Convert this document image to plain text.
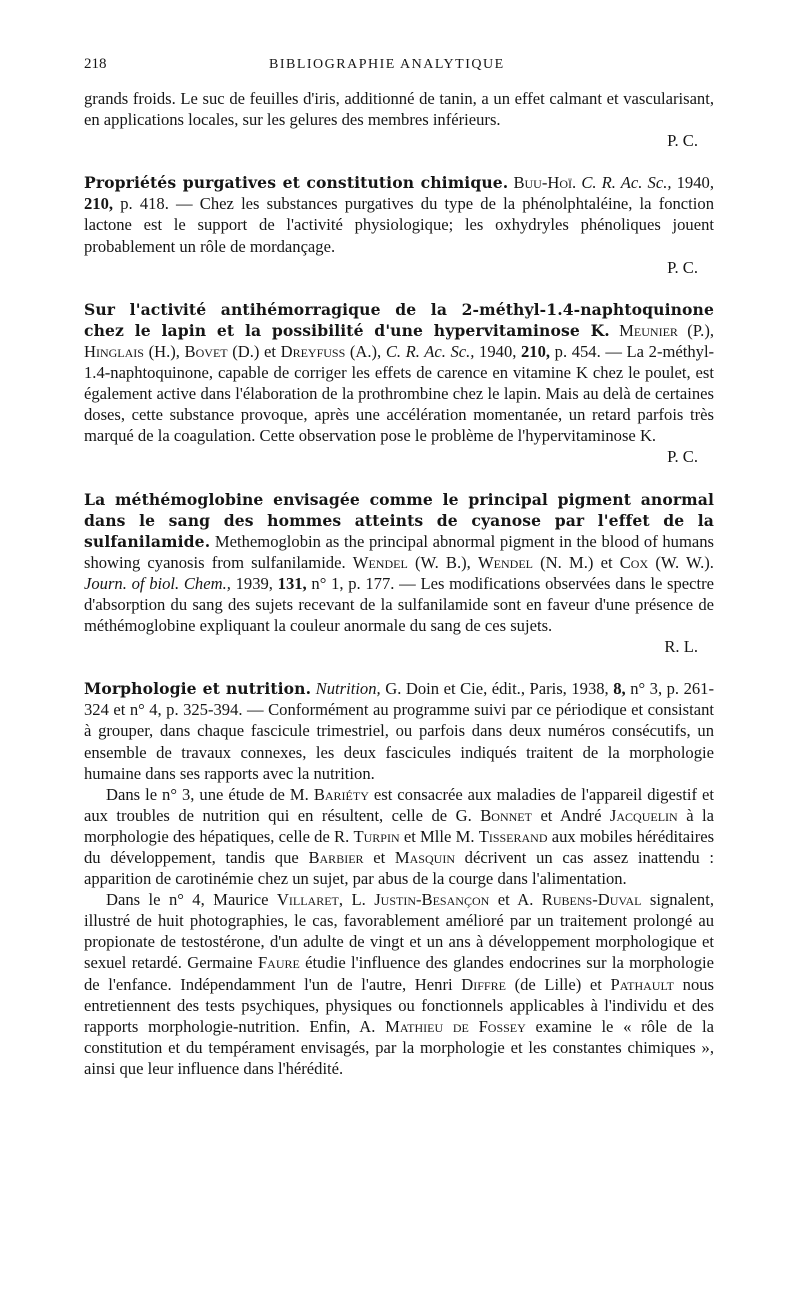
218	BIBLIOGRAPHIE ANALYTIQUE

grands froids. Le suc de feuilles d'iris, additionné de tanin, a un effet calmant et vascularisant, en applications locales, sur les gelures des membres inférieurs.
P. C.

Propriétés purgatives et constitution chimique. Buu-Hoï. C. R. Ac. Sc., 1940, 210, p. 418. — Chez les substances purgatives du type de la phénolphtaléine, la fonction lactone est le support de l'activité physiologique; les oxhydryles phénoliques jouent probablement un rôle de mordançage.
P. C.

Sur l'activité antihémorragique de la 2-méthyl-1.4-naphtoquinone chez le lapin et la possibilité d'une hypervitaminose K. Meunier (P.), Hinglais (H.), Bovet (D.) et Dreyfuss (A.), C. R. Ac. Sc., 1940, 210, p. 454. — La 2-méthyl-1.4-naphtoquinone, capable de corriger les effets de carence en vitamine K chez le poulet, est également active dans l'élaboration de la prothrombine chez le lapin. Mais au delà de certaines doses, cette substance provoque, après une accélération momentanée, un retard parfois très marqué de la coagulation. Cette observation pose le problème de l'hypervitaminose K.
P. C.

La méthémoglobine envisagée comme le principal pigment anormal dans le sang des hommes atteints de cyanose par l'effet de la sulfanilamide. Methemoglobin as the principal abnormal pigment in the blood of humans showing cyanosis from sulfanilamide. Wendel (W. B.), Wendel (N. M.) et Cox (W. W.). Journ. of biol. Chem., 1939, 131, n° 1, p. 177. — Les modifications observées dans le spectre d'absorption du sang des sujets recevant de la sulfanilamide sont en faveur d'une présence de méthémoglobine expliquant la couleur anormale du sang de ces sujets.
R. L.

Morphologie et nutrition. Nutrition, G. Doin et Cie, édit., Paris, 1938, 8, n° 3, p. 261-324 et n° 4, p. 325-394. — Conformément au programme suivi par ce périodique et consistant à grouper, dans chaque fascicule trimestriel, ou parfois dans deux numéros consécutifs, un ensemble de travaux connexes, les deux fascicules indiqués traitent de la morphologie humaine dans ses rapports avec la nutrition.

Dans le n° 3, une étude de M. Bariéty est consacrée aux maladies de l'appareil digestif et aux troubles de nutrition qui en résultent, celle de G. Bonnet et André Jacquelin à la morphologie des hépatiques, celle de R. Turpin et Mlle M. Tisserand aux mobiles héréditaires du développement, tandis que Barbier et Masquin décrivent un cas assez inattendu : apparition de carotinémie chez un sujet, par abus de la courge dans l'alimentation.

Dans le n° 4, Maurice Villaret, L. Justin-Besançon et A. Rubens-Duval signalent, illustré de huit photographies, le cas, favorablement amélioré par un traitement prolongé au propionate de testostérone, d'un adulte de vingt et un ans à développement morphologique et sexuel retardé. Germaine Faure étudie l'influence des glandes endocrines sur la morphologie de l'enfance. Indépendamment l'un de l'autre, Henri Diffre (de Lille) et Pathault nous entretiennent des tests psychiques, physiques ou fonctionnels applicables à l'individu et des rapports morphologie-nutrition. Enfin, A. Mathieu de Fossey examine le « rôle de la constitution et du tempérament envisagés, par la morphologie et les constantes chimiques », ainsi que leur influence dans l'hérédité.
